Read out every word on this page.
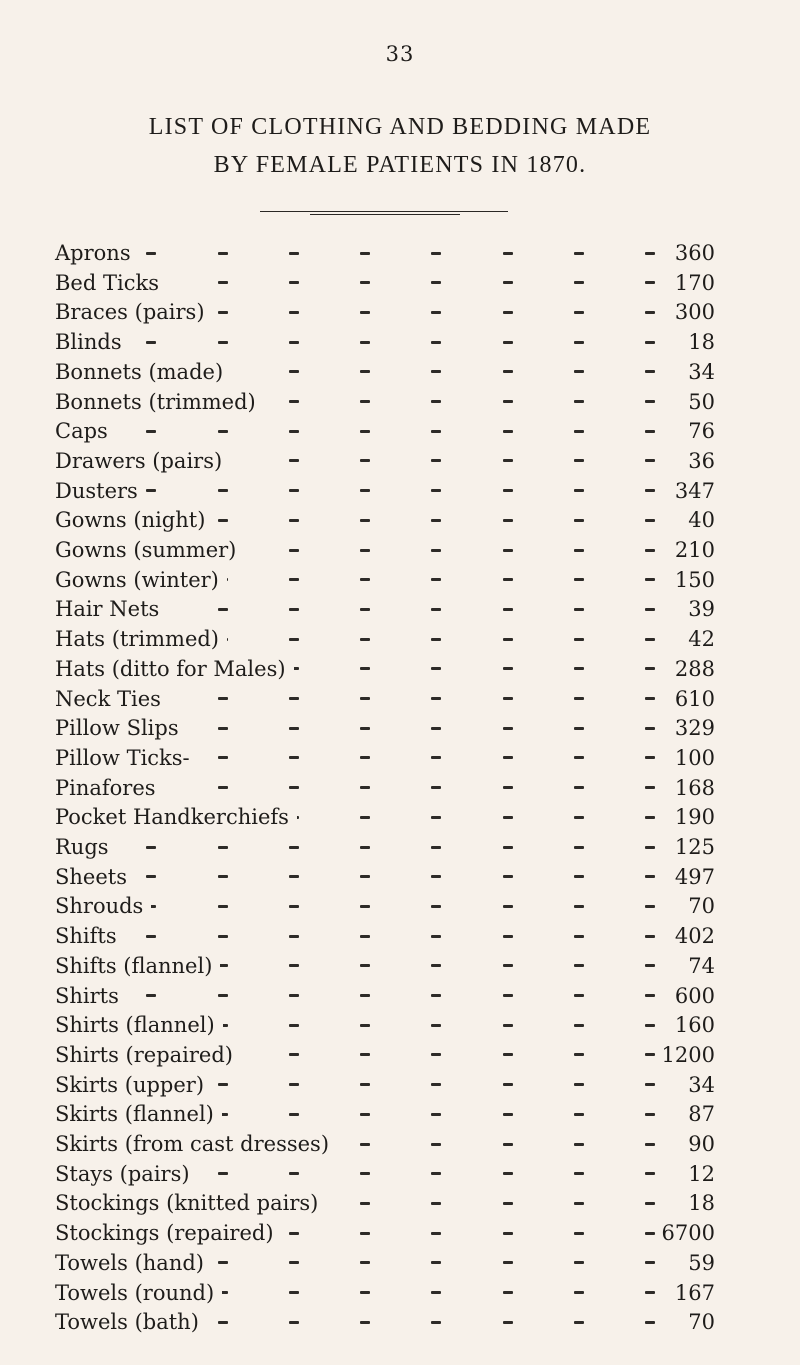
33
LIST OF CLOTHING AND BEDDING MADE
BY FEMALE PATIENTS IN 1870.
Aprons	360
Bed Ticks	170
Braces (pairs)	300
Blinds	18
Bonnets (made)	34
Bonnets (trimmed)	50
Caps	76
Drawers (pairs)	36
Dusters	347
Gowns (night)	40
Gowns (summer)	210
Gowns (winter)	150
Hair Nets	39
Hats (trimmed)	42
Hats (ditto for Males)	288
Neck Ties	610
Pillow Slips	329
Pillow Ticks-	100
Pinafores	168
Pocket Handkerchiefs	190
Rugs	125
Sheets	497
Shrouds	70
Shifts	402
Shifts (flannel)	74
Shirts	600
Shirts (flannel)	160
Shirts (repaired)	1200
Skirts (upper)	34
Skirts (flannel)	87
Skirts (from cast dresses)	90
Stays (pairs)	12
Stockings (knitted pairs)	18
Stockings (repaired)	6700
Towels (hand)	59
Towels (round)	167
Towels (bath)	70
